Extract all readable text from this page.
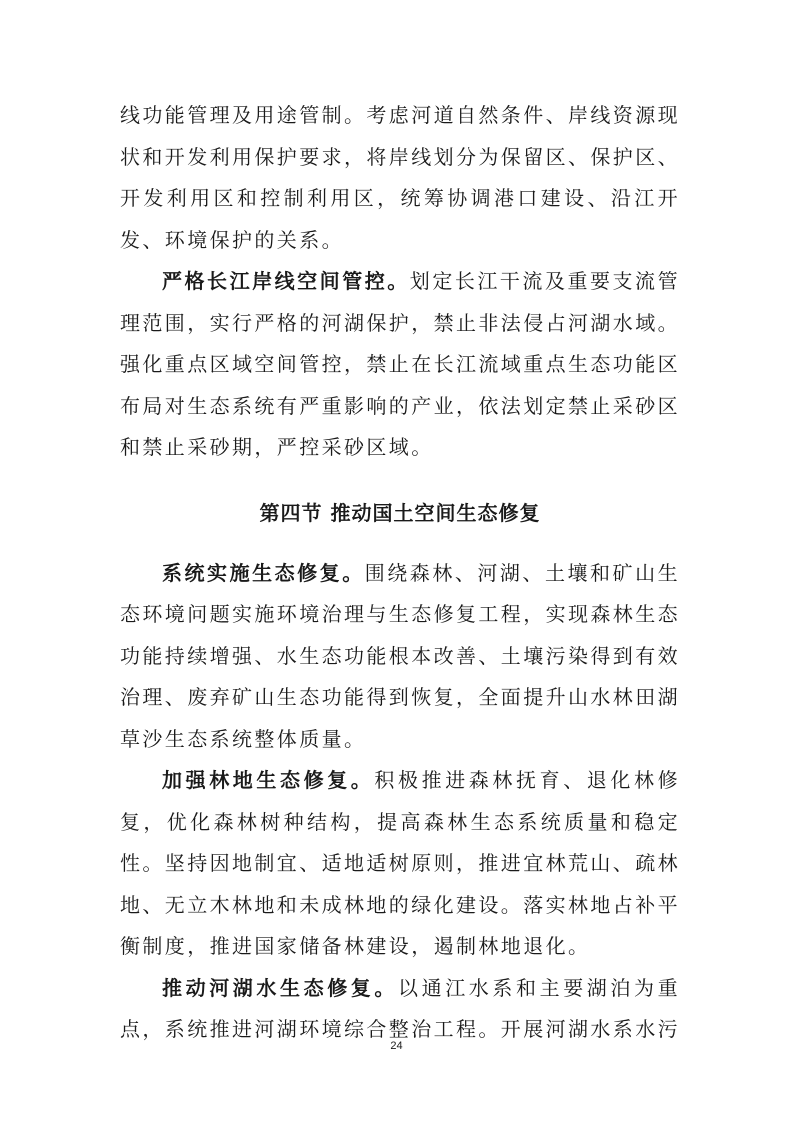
线功能管理及用途管制。考虑河道自然条件、岸线资源现状和开发利用保护要求，将岸线划分为保留区、保护区、开发利用区和控制利用区，统筹协调港口建设、沿江开发、环境保护的关系。

严格长江岸线空间管控。划定长江干流及重要支流管理范围，实行严格的河湖保护，禁止非法侵占河湖水域。强化重点区域空间管控，禁止在长江流域重点生态功能区布局对生态系统有严重影响的产业，依法划定禁止采砂区和禁止采砂期，严控采砂区域。

第四节 推动国土空间生态修复

系统实施生态修复。围绕森林、河湖、土壤和矿山生态环境问题实施环境治理与生态修复工程，实现森林生态功能持续增强、水生态功能根本改善、土壤污染得到有效治理、废弃矿山生态功能得到恢复，全面提升山水林田湖草沙生态系统整体质量。

加强林地生态修复。积极推进森林抚育、退化林修复，优化森林树种结构，提高森林生态系统质量和稳定性。坚持因地制宜、适地适树原则，推进宜林荒山、疏林地、无立木林地和未成林地的绿化建设。落实林地占补平衡制度，推进国家储备林建设，遏制林地退化。

推动河湖水生态修复。以通江水系和主要湖泊为重点，系统推进河湖环境综合整治工程。开展河湖水系水污

24
